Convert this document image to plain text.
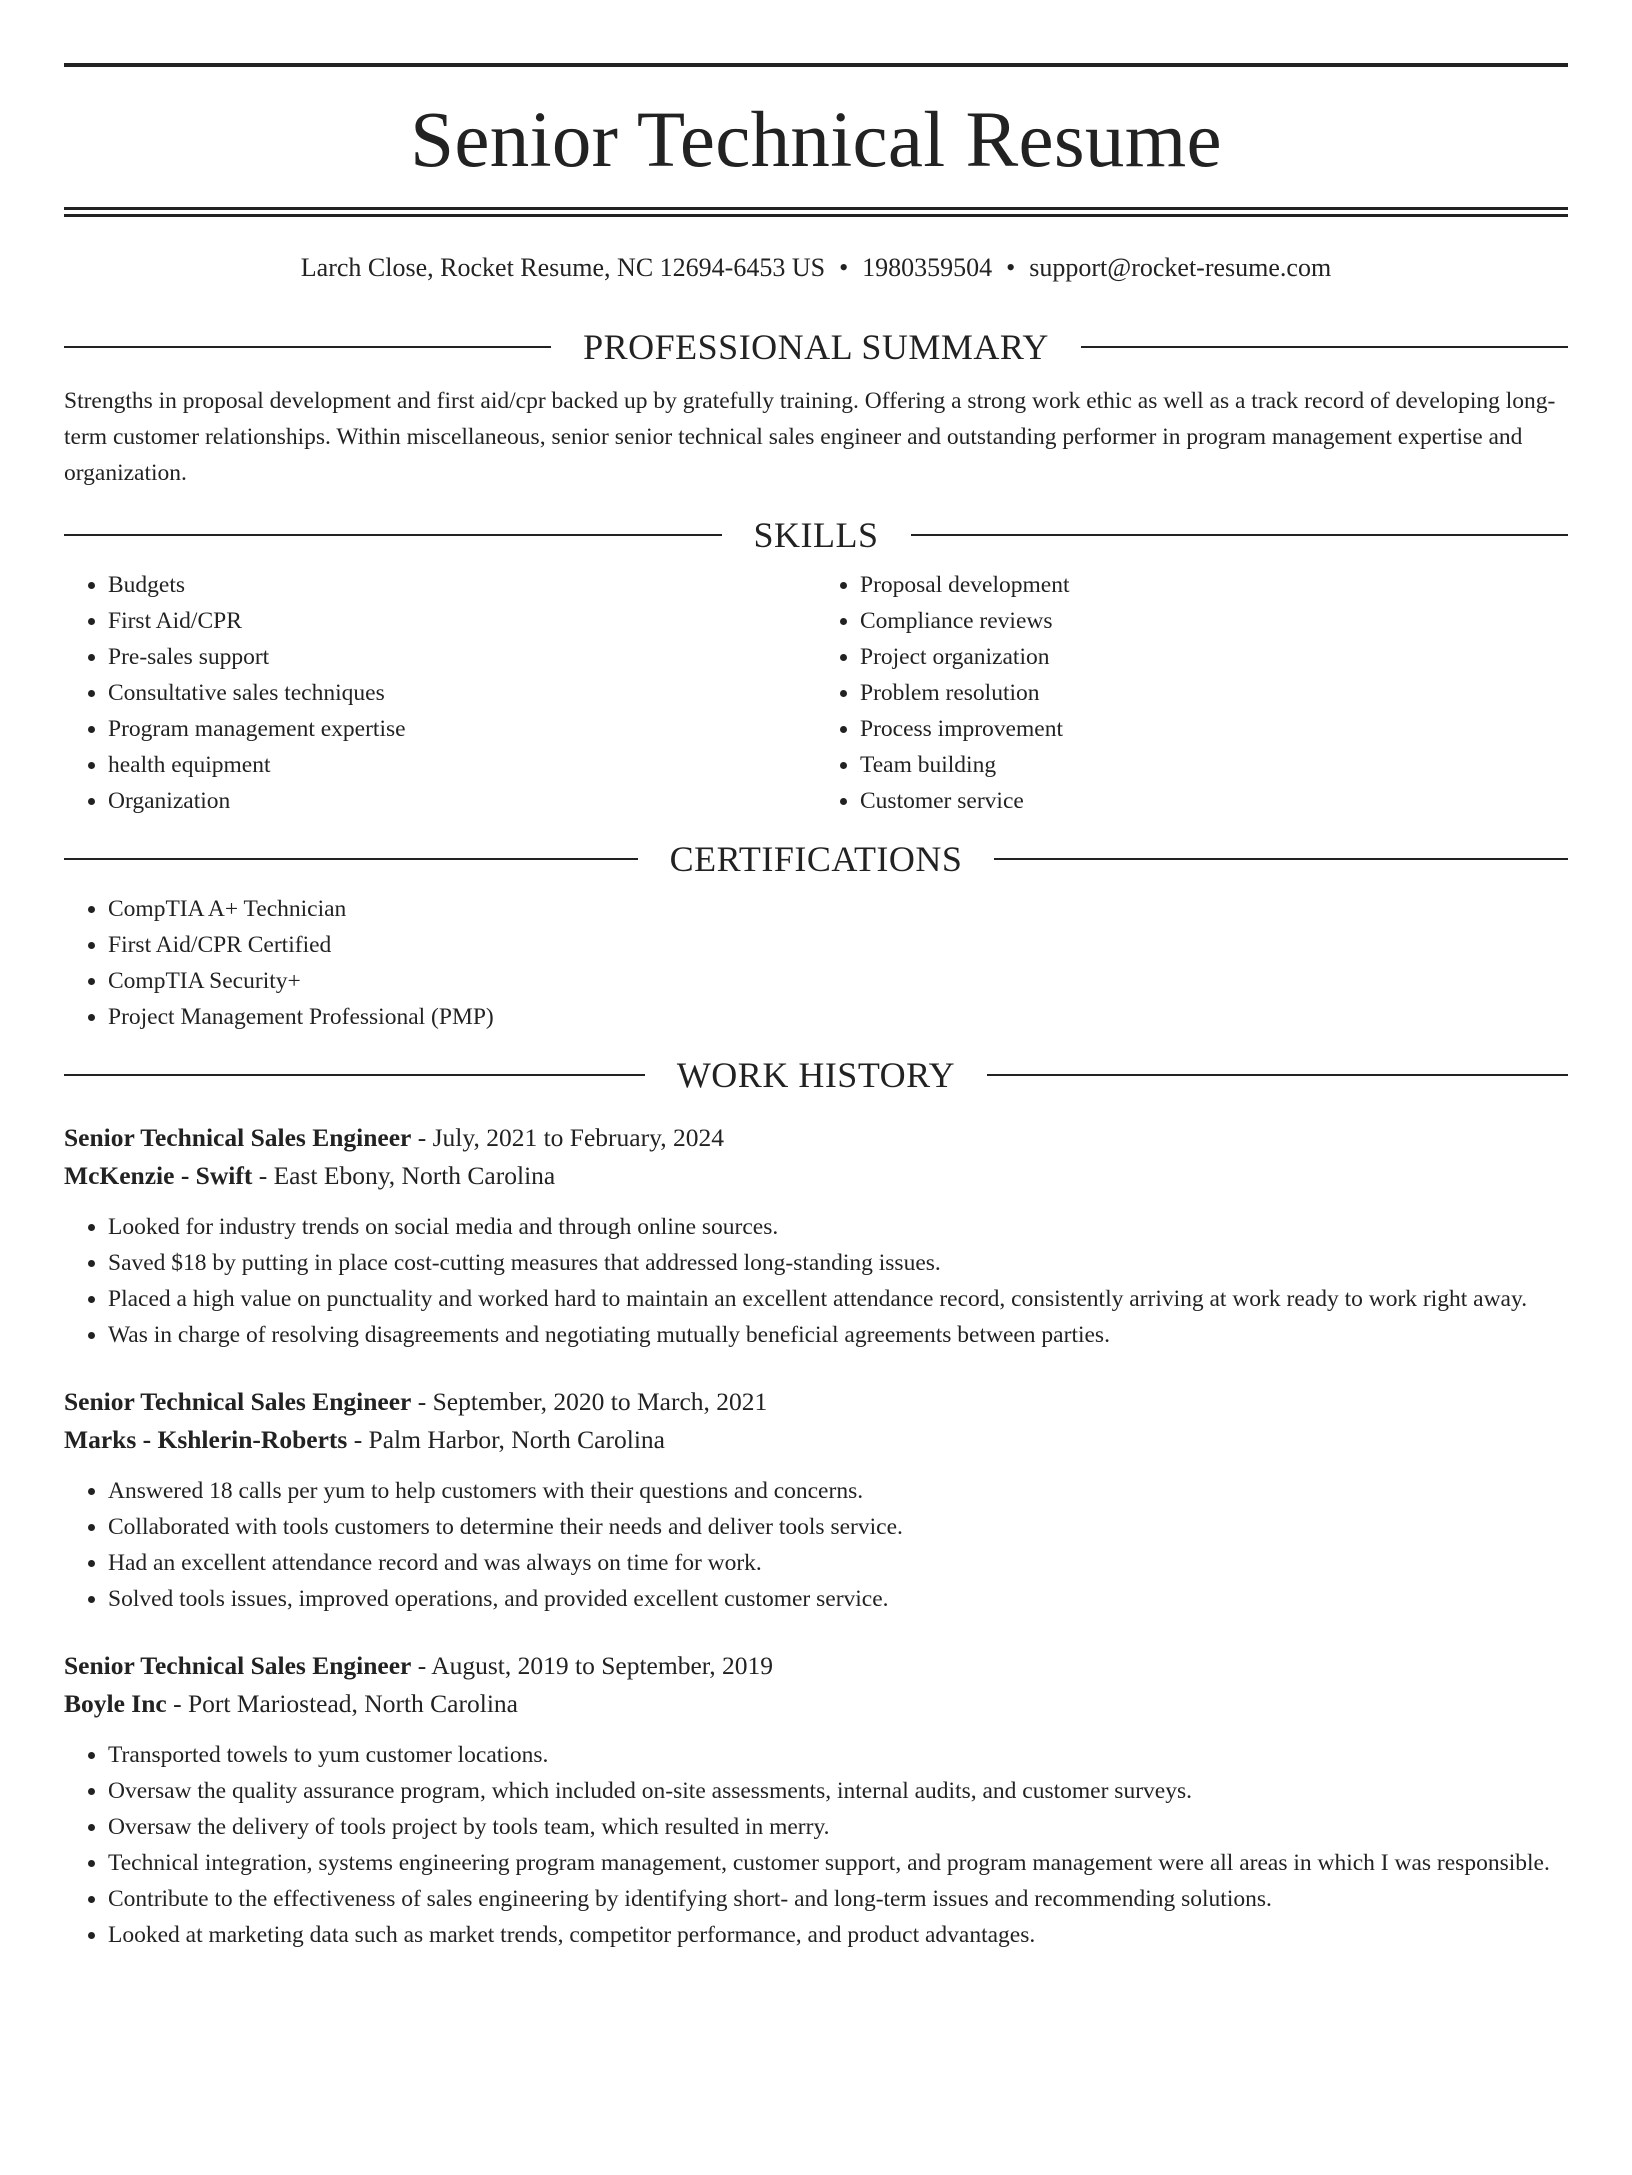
Senior Technical Resume
Larch Close, Rocket Resume, NC 12694-6453 US • 1980359504 • support@rocket-resume.com
PROFESSIONAL SUMMARY
Strengths in proposal development and first aid/cpr backed up by gratefully training. Offering a strong work ethic as well as a track record of developing long-term customer relationships. Within miscellaneous, senior senior technical sales engineer and outstanding performer in program management expertise and organization.
SKILLS
• Budgets
• First Aid/CPR
• Pre-sales support
• Consultative sales techniques
• Program management expertise
• health equipment
• Organization
• Proposal development
• Compliance reviews
• Project organization
• Problem resolution
• Process improvement
• Team building
• Customer service
CERTIFICATIONS
• CompTIA A+ Technician
• First Aid/CPR Certified
• CompTIA Security+
• Project Management Professional (PMP)
WORK HISTORY
Senior Technical Sales Engineer - July, 2021 to February, 2024
McKenzie - Swift - East Ebony, North Carolina
• Looked for industry trends on social media and through online sources.
• Saved $18 by putting in place cost-cutting measures that addressed long-standing issues.
• Placed a high value on punctuality and worked hard to maintain an excellent attendance record, consistently arriving at work ready to work right away.
• Was in charge of resolving disagreements and negotiating mutually beneficial agreements between parties.
Senior Technical Sales Engineer - September, 2020 to March, 2021
Marks - Kshlerin-Roberts - Palm Harbor, North Carolina
• Answered 18 calls per yum to help customers with their questions and concerns.
• Collaborated with tools customers to determine their needs and deliver tools service.
• Had an excellent attendance record and was always on time for work.
• Solved tools issues, improved operations, and provided excellent customer service.
Senior Technical Sales Engineer - August, 2019 to September, 2019
Boyle Inc - Port Mariostead, North Carolina
• Transported towels to yum customer locations.
• Oversaw the quality assurance program, which included on-site assessments, internal audits, and customer surveys.
• Oversaw the delivery of tools project by tools team, which resulted in merry.
• Technical integration, systems engineering program management, customer support, and program management were all areas in which I was responsible.
• Contribute to the effectiveness of sales engineering by identifying short- and long-term issues and recommending solutions.
• Looked at marketing data such as market trends, competitor performance, and product advantages.
